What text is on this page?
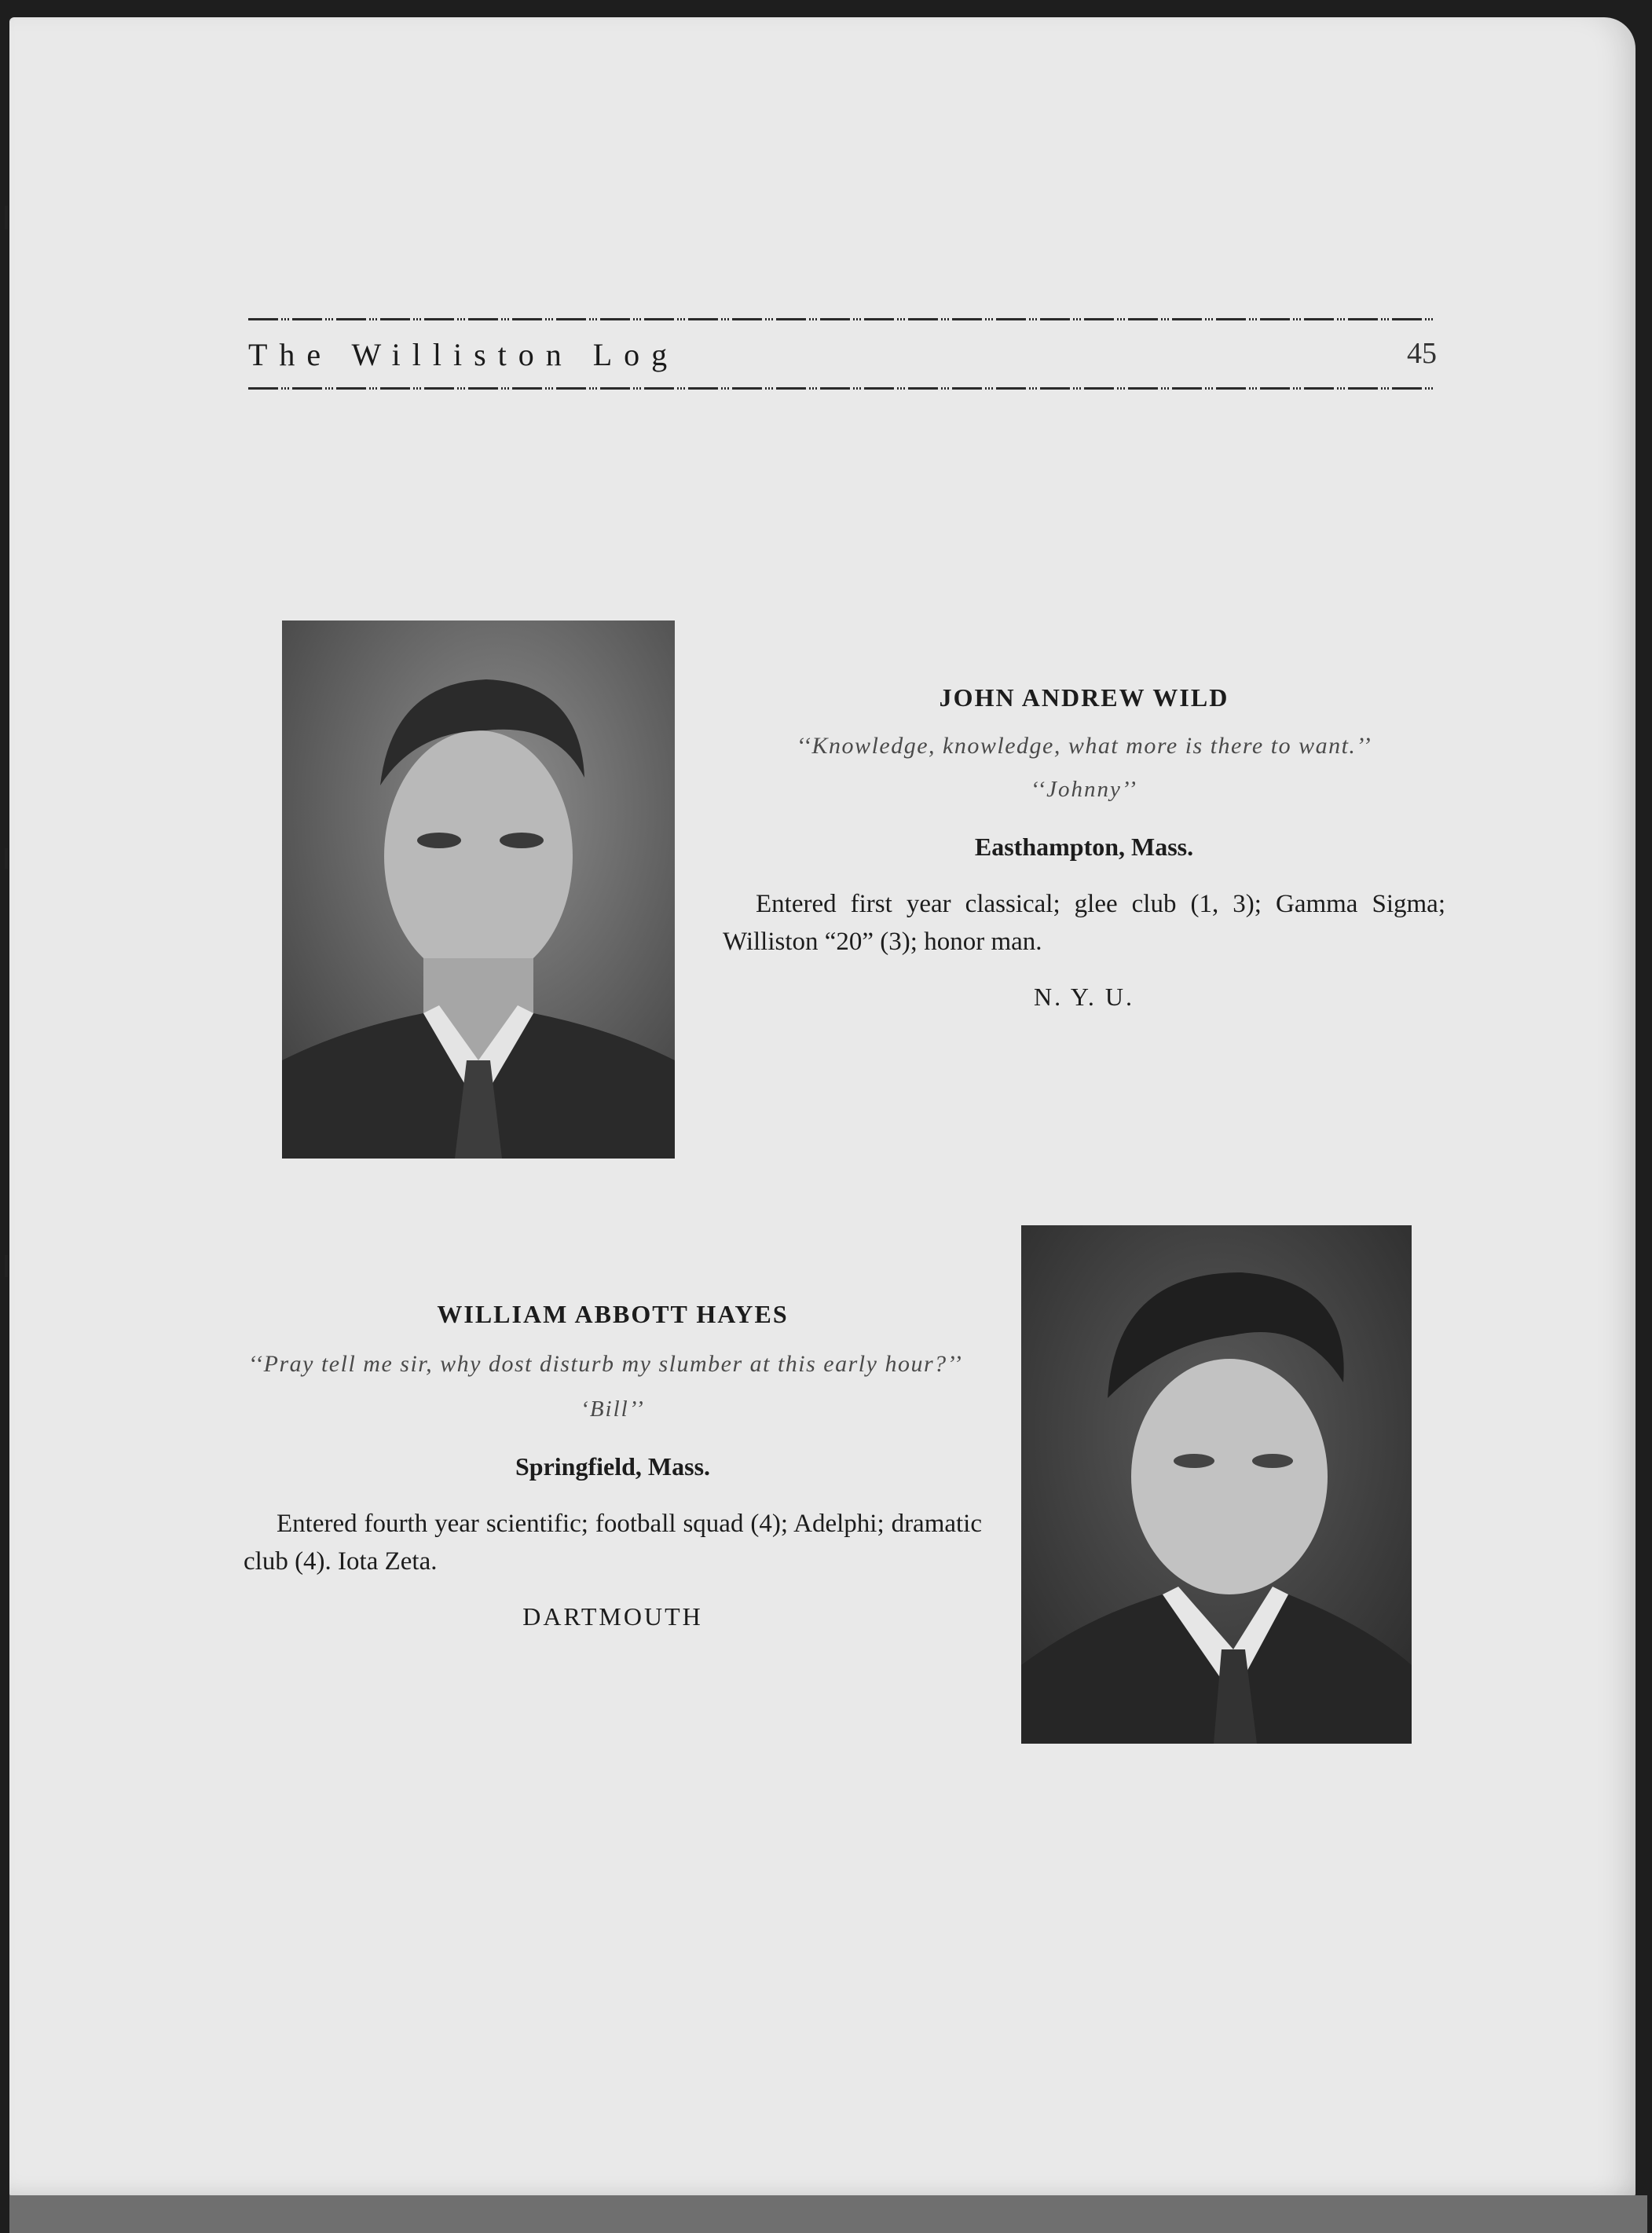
The Williston Log	45
JOHN ANDREW WILD
‘‘Knowledge, knowledge, what more is there to want.’’
‘‘Johnny’’
Easthampton, Mass.
Entered first year classical; glee club (1, 3); Gamma Sigma; Williston “20” (3); honor man.
N. Y. U.
WILLIAM ABBOTT HAYES
‘‘Pray tell me sir, why dost disturb my slumber at this early hour?’’
‘Bill’’
Springfield, Mass.
Entered fourth year scientific; football squad (4); Adelphi; dramatic club (4). Iota Zeta.
DARTMOUTH
